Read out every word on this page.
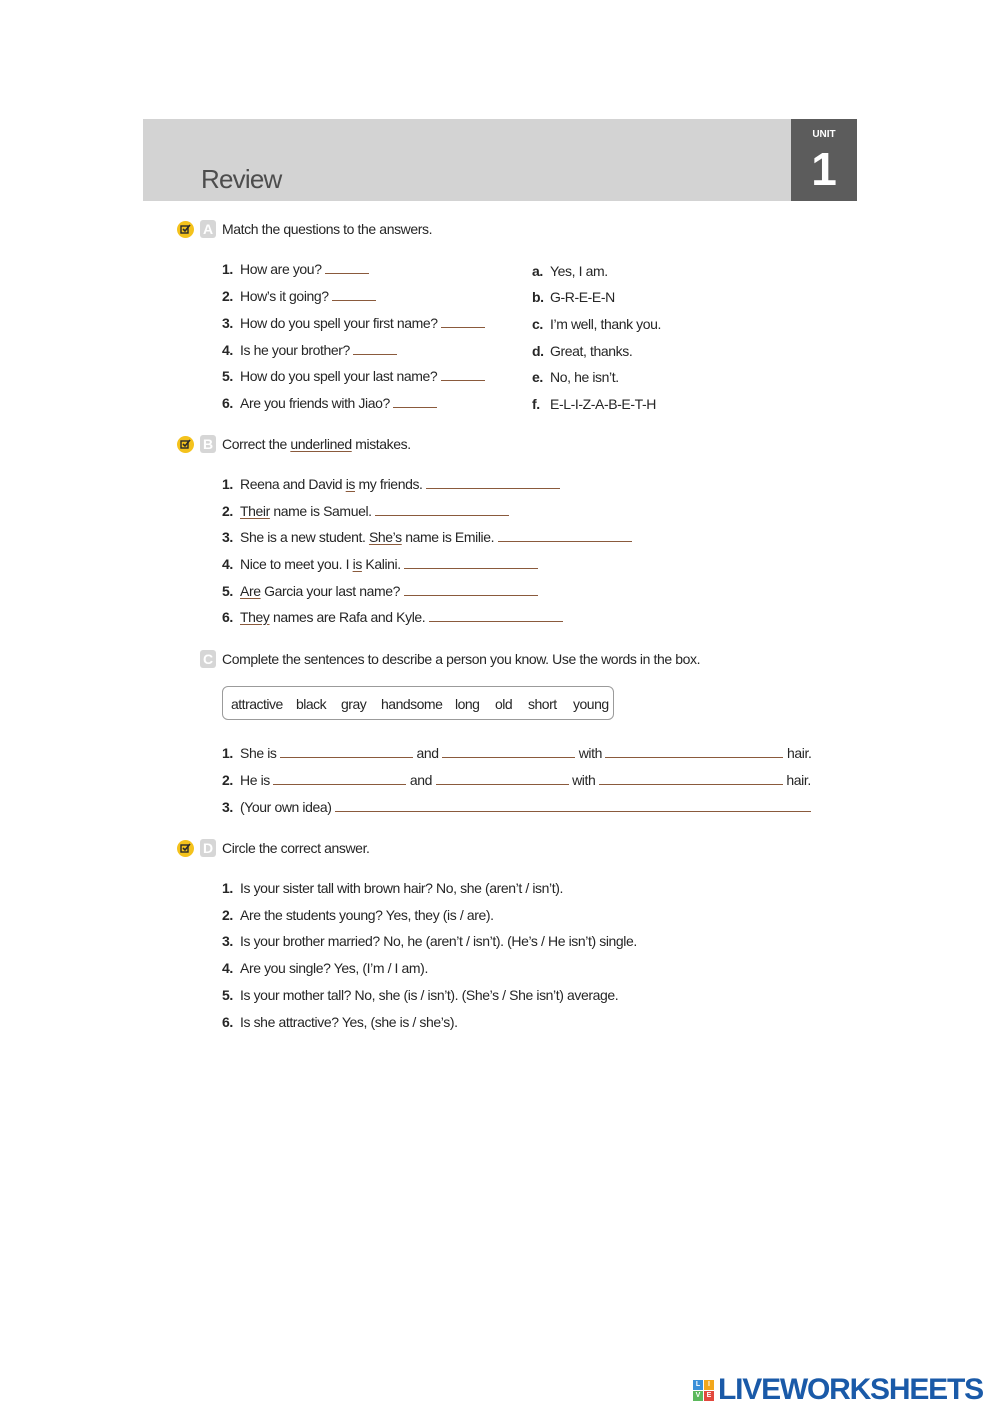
Review
UNIT
1
A Match the questions to the answers.
1. How are you?
2. How’s it going?
3. How do you spell your first name?
4. Is he your brother?
5. How do you spell your last name?
6. Are you friends with Jiao?
a. Yes, I am.
b. G-R-E-E-N
c. I’m well, thank you.
d. Great, thanks.
e. No, he isn’t.
f. E-L-I-Z-A-B-E-T-H
B Correct the underlined mistakes.
1. Reena and David is my friends.
2. Their name is Samuel.
3. She is a new student. She’s name is Emilie.
4. Nice to meet you. I is Kalini.
5. Are Garcia your last name?
6. They names are Rafa and Kyle.
C Complete the sentences to describe a person you know. Use the words in the box.
attractive black gray handsome long old short young
1. She is	and	with	hair.
2. He is	and	with	hair.
3. (Your own idea)
D Circle the correct answer.
1. Is your sister tall with brown hair? No, she (aren’t / isn’t).
2. Are the students young? Yes, they (is / are).
3. Is your brother married? No, he (aren’t / isn’t). (He’s / He isn’t) single.
4. Are you single? Yes, (I’m / I am).
5. Is your mother tall? No, she (is / isn’t). (She’s / She isn’t) average.
6. Is she attractive? Yes, (she is / she’s).
L	I
V E LIVEWORKSHEETS
